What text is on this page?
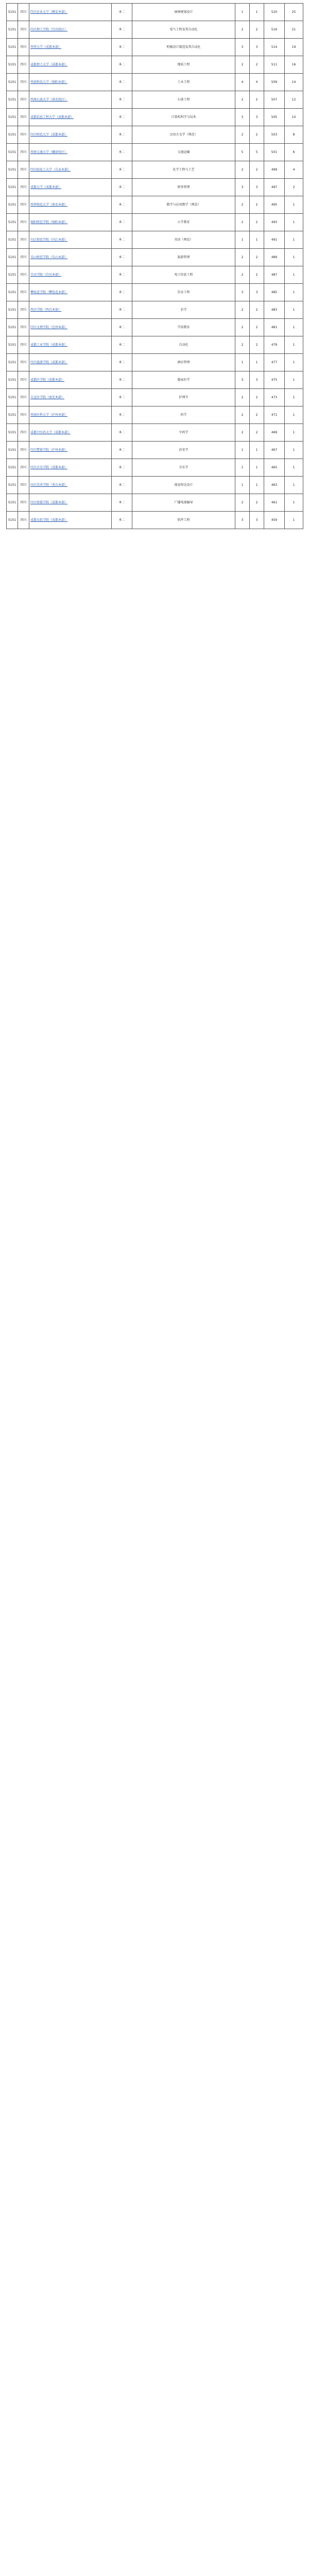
5101	四川	四川农业大学（雅安本部）	本二	园林规划设计	1	1	520	25
5101	四川	四川理工学院（宜宾校区）	本二	电气工程及其自动化	2	2	516	21
5101	四川	西华大学（成都本部）	本二	机械设计制造及其自动化	3	3	514	19
5101	四川	成都理工大学（成都本部）	本二	地质工程	2	2	511	16
5101	四川	西南科技大学（绵阳本部）	本二	土木工程	4	4	509	14
5101	四川	西南石油大学（南充校区）	本二	石油工程	2	2	507	12
5101	四川	成都信息工程大学（成都本部）	本二	计算机科学与技术	3	3	505	10
5101	四川	四川师范大学（成都本部）	本二	汉语言文学（师范）	2	2	503	8
5101	四川	西南交通大学（峨眉校区）	本二	交通运输	5	5	501	6
5101	四川	四川轻化工大学（自贡本部）	本二	化学工程与工艺	2	2	499	4
5101	四川	成都大学（成都本部）	本二	财务管理	3	3	497	2
5101	四川	西华师范大学（南充本部）	本二	数学与应用数学（师范）	2	2	495	1
5101	四川	绵阳师范学院（绵阳本部）	本二	小学教育	2	2	493	1
5101	四川	内江师范学院（内江本部）	本二	英语（师范）	1	1	491	1
5101	四川	乐山师范学院（乐山本部）	本二	旅游管理	2	2	489	1
5101	四川	宜宾学院（宜宾本部）	本二	电子信息工程	2	2	487	1
5101	四川	攀枝花学院（攀枝花本部）	本二	冶金工程	3	3	485	1
5101	四川	西昌学院（西昌本部）	本二	农学	2	2	483	1
5101	四川	四川文理学院（达州本部）	本二	学前教育	2	2	481	1
5101	四川	成都工业学院（成都本部）	本二	自动化	2	2	479	1
5101	四川	四川旅游学院（成都本部）	本二	酒店管理	1	1	477	1
5101	四川	成都医学院（成都本部）	本二	临床医学	3	3	475	1
5101	四川	川北医学院（南充本部）	本二	护理学	2	2	473	1
5101	四川	西南医科大学（泸州本部）	本二	药学	2	2	471	1
5101	四川	成都中医药大学（成都本部）	本二	中药学	2	2	469	1
5101	四川	四川警察学院（泸州本部）	本二	治安学	1	1	467	1
5101	四川	四川音乐学院（成都本部）	本二	音乐学	1	1	465	1
5101	四川	四川美术学院（重庆本部）	本二	视觉传达设计	1	1	463	1
5101	四川	四川传媒学院（成都本部）	本二	广播电视编导	2	2	461	1
5101	四川	成都东软学院（成都本部）	本二	软件工程	3	3	459	1
